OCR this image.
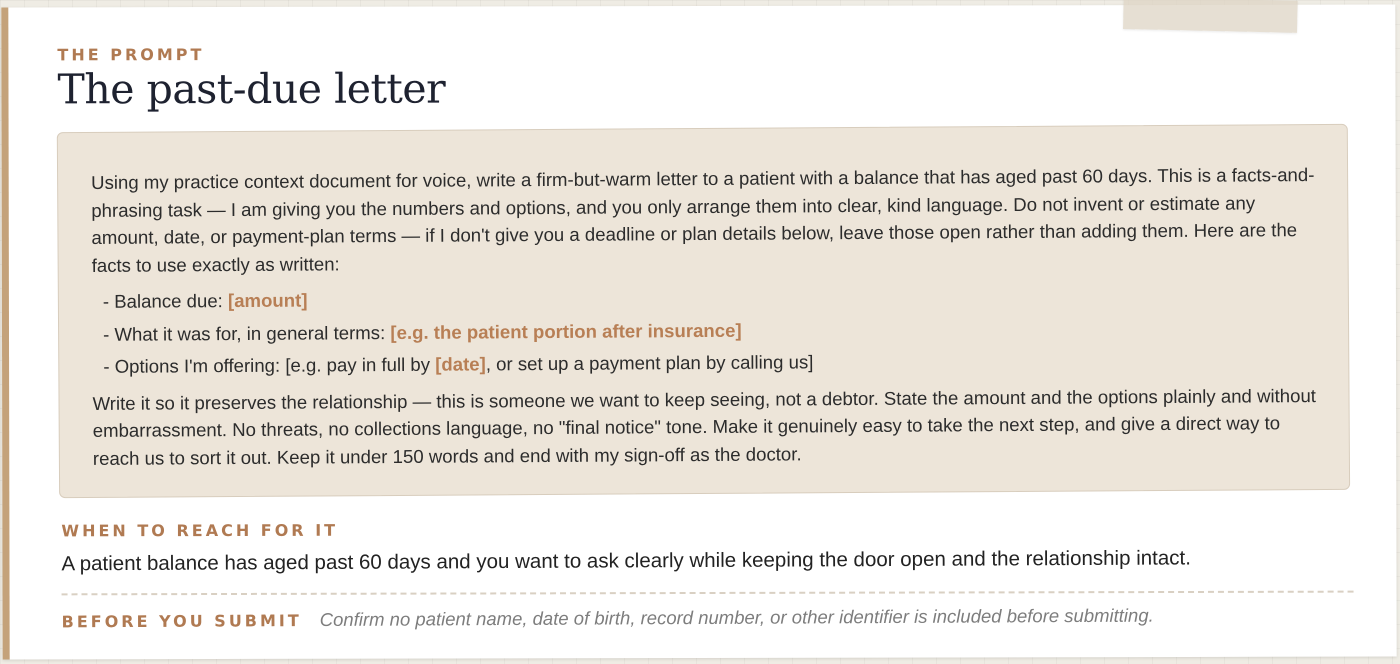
THE PROMPT
The past-due letter

Using my practice context document for voice, write a firm-but-warm letter to a patient with a balance that has aged past 60 days. This is a facts-and-phrasing task — I am giving you the numbers and options, and you only arrange them into clear, kind language. Do not invent or estimate any amount, date, or payment-plan terms — if I don't give you a deadline or plan details below, leave those open rather than adding them. Here are the facts to use exactly as written:

- Balance due: [amount]
- What it was for, in general terms: [e.g. the patient portion after insurance]
- Options I'm offering: [e.g. pay in full by [date], or set up a payment plan by calling us]

Write it so it preserves the relationship — this is someone we want to keep seeing, not a debtor. State the amount and the options plainly and without embarrassment. No threats, no collections language, no "final notice" tone. Make it genuinely easy to take the next step, and give a direct way to reach us to sort it out. Keep it under 150 words and end with my sign-off as the doctor.

WHEN TO REACH FOR IT

A patient balance has aged past 60 days and you want to ask clearly while keeping the door open and the relationship intact.

BEFORE YOU SUBMIT Confirm no patient name, date of birth, record number, or other identifier is included before submitting.
